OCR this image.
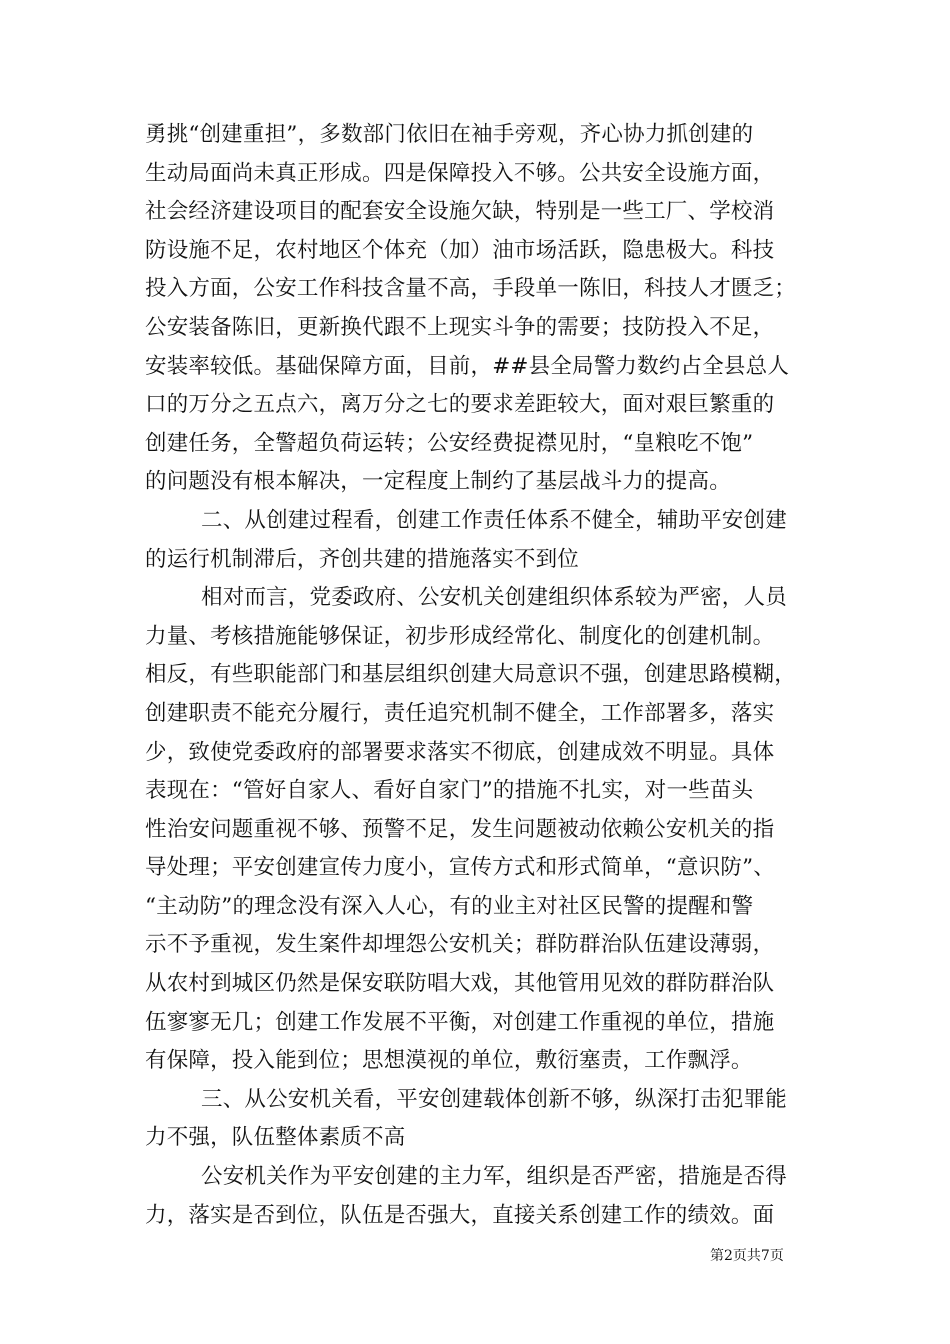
勇挑“创建重担”，多数部门依旧在袖手旁观，齐心协力抓创建的
生动局面尚未真正形成。四是保障投入不够。公共安全设施方面，
社会经济建设项目的配套安全设施欠缺，特别是一些工厂、学校消
防设施不足，农村地区个体充（加）油市场活跃，隐患极大。科技
投入方面，公安工作科技含量不高，手段单一陈旧，科技人才匮乏；
公安装备陈旧，更新换代跟不上现实斗争的需要；技防投入不足，
安装率较低。基础保障方面，目前，##县全局警力数约占全县总人
口的万分之五点六，离万分之七的要求差距较大，面对艰巨繁重的
创建任务，全警超负荷运转；公安经费捉襟见肘，“皇粮吃不饱”
的问题没有根本解决，一定程度上制约了基层战斗力的提高。
二、从创建过程看，创建工作责任体系不健全，辅助平安创建
的运行机制滞后，齐创共建的措施落实不到位
相对而言，党委政府、公安机关创建组织体系较为严密，人员
力量、考核措施能够保证，初步形成经常化、制度化的创建机制。
相反，有些职能部门和基层组织创建大局意识不强，创建思路模糊，
创建职责不能充分履行，责任追究机制不健全，工作部署多，落实
少，致使党委政府的部署要求落实不彻底，创建成效不明显。具体
表现在：“管好自家人、看好自家门”的措施不扎实，对一些苗头
性治安问题重视不够、预警不足，发生问题被动依赖公安机关的指
导处理；平安创建宣传力度小，宣传方式和形式简单，“意识防”、
“主动防”的理念没有深入人心，有的业主对社区民警的提醒和警
示不予重视，发生案件却埋怨公安机关；群防群治队伍建设薄弱，
从农村到城区仍然是保安联防唱大戏，其他管用见效的群防群治队
伍寥寥无几；创建工作发展不平衡，对创建工作重视的单位，措施
有保障，投入能到位；思想漠视的单位，敷衍塞责，工作飘浮。
三、从公安机关看，平安创建载体创新不够，纵深打击犯罪能
力不强，队伍整体素质不高
公安机关作为平安创建的主力军，组织是否严密，措施是否得
力，落实是否到位，队伍是否强大，直接关系创建工作的绩效。面
第2页共7页
